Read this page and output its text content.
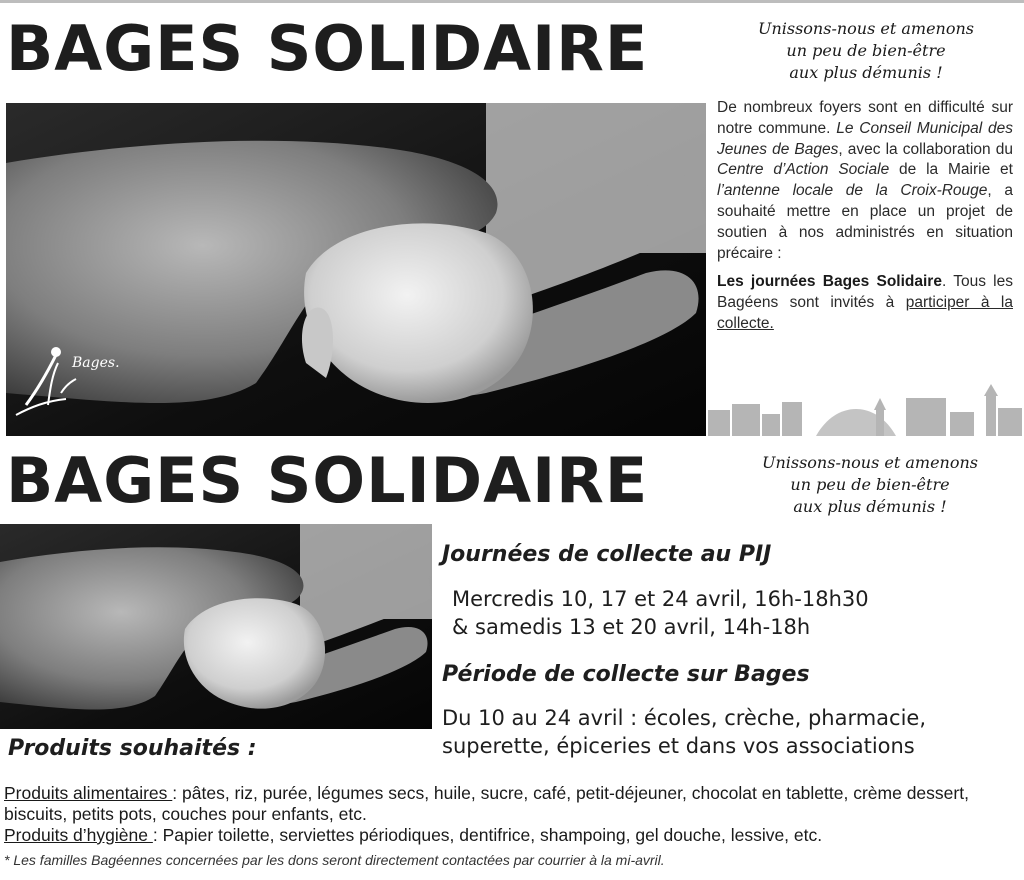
BAGES SOLIDAIRE	Unissons-nous et amenons
un peu de bien-être
aux plus démunis !
Bages.

De nombreux foyers sont en difficulté sur notre commune. Le Conseil Municipal des Jeunes de Bages, avec la collaboration du Centre d’Action Sociale de la Mairie et l’antenne locale de la Croix-Rouge, a souhaité mettre en place un projet de soutien à nos administrés en situation précaire :

Les journées Bages Solidaire. Tous les Bagéens sont invités à participer à la collecte.

BAGES SOLIDAIRE	Unissons-nous et amenons
un peu de bien-être
aux plus démunis !
Journées de collecte au PIJ
Mercredis 10, 17 et 24 avril, 16h-18h30
& samedis 13 et 20 avril, 14h-18h
Période de collecte sur Bages
Du 10 au 24 avril : écoles, crèche, pharmacie, superette, épiceries et dans vos associations
Produits souhaités :
Produits alimentaires : pâtes, riz, purée, légumes secs, huile, sucre, café, petit-déjeuner, chocolat en tablette, crème dessert, biscuits, petits pots, couches pour enfants, etc.
Produits d’hygiène : Papier toilette, serviettes périodiques, dentifrice, shampoing, gel douche, lessive, etc.
* Les familles Bagéennes concernées par les dons seront directement contactées par courrier à la mi-avril.
